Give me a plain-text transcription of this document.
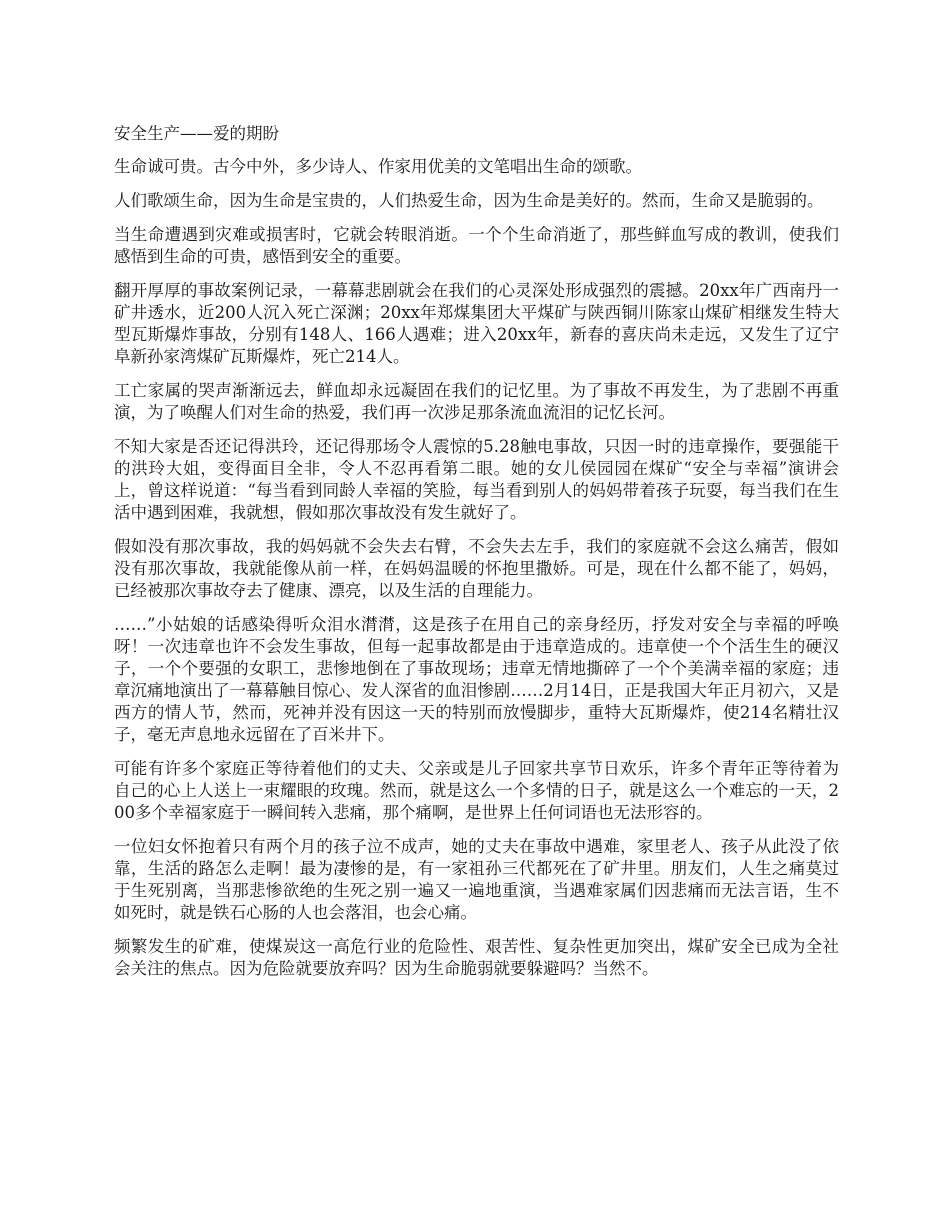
安全生产——爱的期盼

生命诚可贵。古今中外，多少诗人、作家用优美的文笔唱出生命的颂歌。

人们歌颂生命，因为生命是宝贵的，人们热爱生命，因为生命是美好的。然而，生命又是脆弱的。

当生命遭遇到灾难或损害时，它就会转眼消逝。一个个生命消逝了，那些鲜血写成的教训，使我们感悟到生命的可贵，感悟到安全的重要。

翻开厚厚的事故案例记录，一幕幕悲剧就会在我们的心灵深处形成强烈的震撼。20xx年广西南丹一矿井透水，近200人沉入死亡深渊；20xx年郑煤集团大平煤矿与陕西铜川陈家山煤矿相继发生特大型瓦斯爆炸事故，分别有148人、166人遇难；进入20xx年，新春的喜庆尚未走远，又发生了辽宁阜新孙家湾煤矿瓦斯爆炸，死亡214人。

工亡家属的哭声渐渐远去，鲜血却永远凝固在我们的记忆里。为了事故不再发生，为了悲剧不再重演，为了唤醒人们对生命的热爱，我们再一次涉足那条流血流泪的记忆长河。

不知大家是否还记得洪玲，还记得那场令人震惊的5.28触电事故，只因一时的违章操作，要强能干的洪玲大姐，变得面目全非，令人不忍再看第二眼。她的女儿侯园园在煤矿“安全与幸福”演讲会上，曾这样说道：“每当看到同龄人幸福的笑脸，每当看到别人的妈妈带着孩子玩耍，每当我们在生活中遇到困难，我就想，假如那次事故没有发生就好了。

假如没有那次事故，我的妈妈就不会失去右臂，不会失去左手，我们的家庭就不会这么痛苦，假如没有那次事故，我就能像从前一样，在妈妈温暖的怀抱里撒娇。可是，现在什么都不能了，妈妈，已经被那次事故夺去了健康、漂亮，以及生活的自理能力。

……”小姑娘的话感染得听众泪水潸潸，这是孩子在用自己的亲身经历，抒发对安全与幸福的呼唤呀！一次违章也许不会发生事故，但每一起事故都是由于违章造成的。违章使一个个活生生的硬汉子，一个个要强的女职工，悲惨地倒在了事故现场；违章无情地撕碎了一个个美满幸福的家庭；违章沉痛地演出了一幕幕触目惊心、发人深省的血泪惨剧……2月14日，正是我国大年正月初六，又是西方的情人节，然而，死神并没有因这一天的特别而放慢脚步，重特大瓦斯爆炸，使214名精壮汉子，毫无声息地永远留在了百米井下。

可能有许多个家庭正等待着他们的丈夫、父亲或是儿子回家共享节日欢乐，许多个青年正等待着为自己的心上人送上一束耀眼的玫瑰。然而，就是这么一个多情的日子，就是这么一个难忘的一天，200多个幸福家庭于一瞬间转入悲痛，那个痛啊，是世界上任何词语也无法形容的。

一位妇女怀抱着只有两个月的孩子泣不成声，她的丈夫在事故中遇难，家里老人、孩子从此没了依靠，生活的路怎么走啊！最为凄惨的是，有一家祖孙三代都死在了矿井里。朋友们，人生之痛莫过于生死别离，当那悲惨欲绝的生死之别一遍又一遍地重演，当遇难家属们因悲痛而无法言语，生不如死时，就是铁石心肠的人也会落泪，也会心痛。

频繁发生的矿难，使煤炭这一高危行业的危险性、艰苦性、复杂性更加突出，煤矿安全已成为全社会关注的焦点。因为危险就要放弃吗？因为生命脆弱就要躲避吗？当然不。
